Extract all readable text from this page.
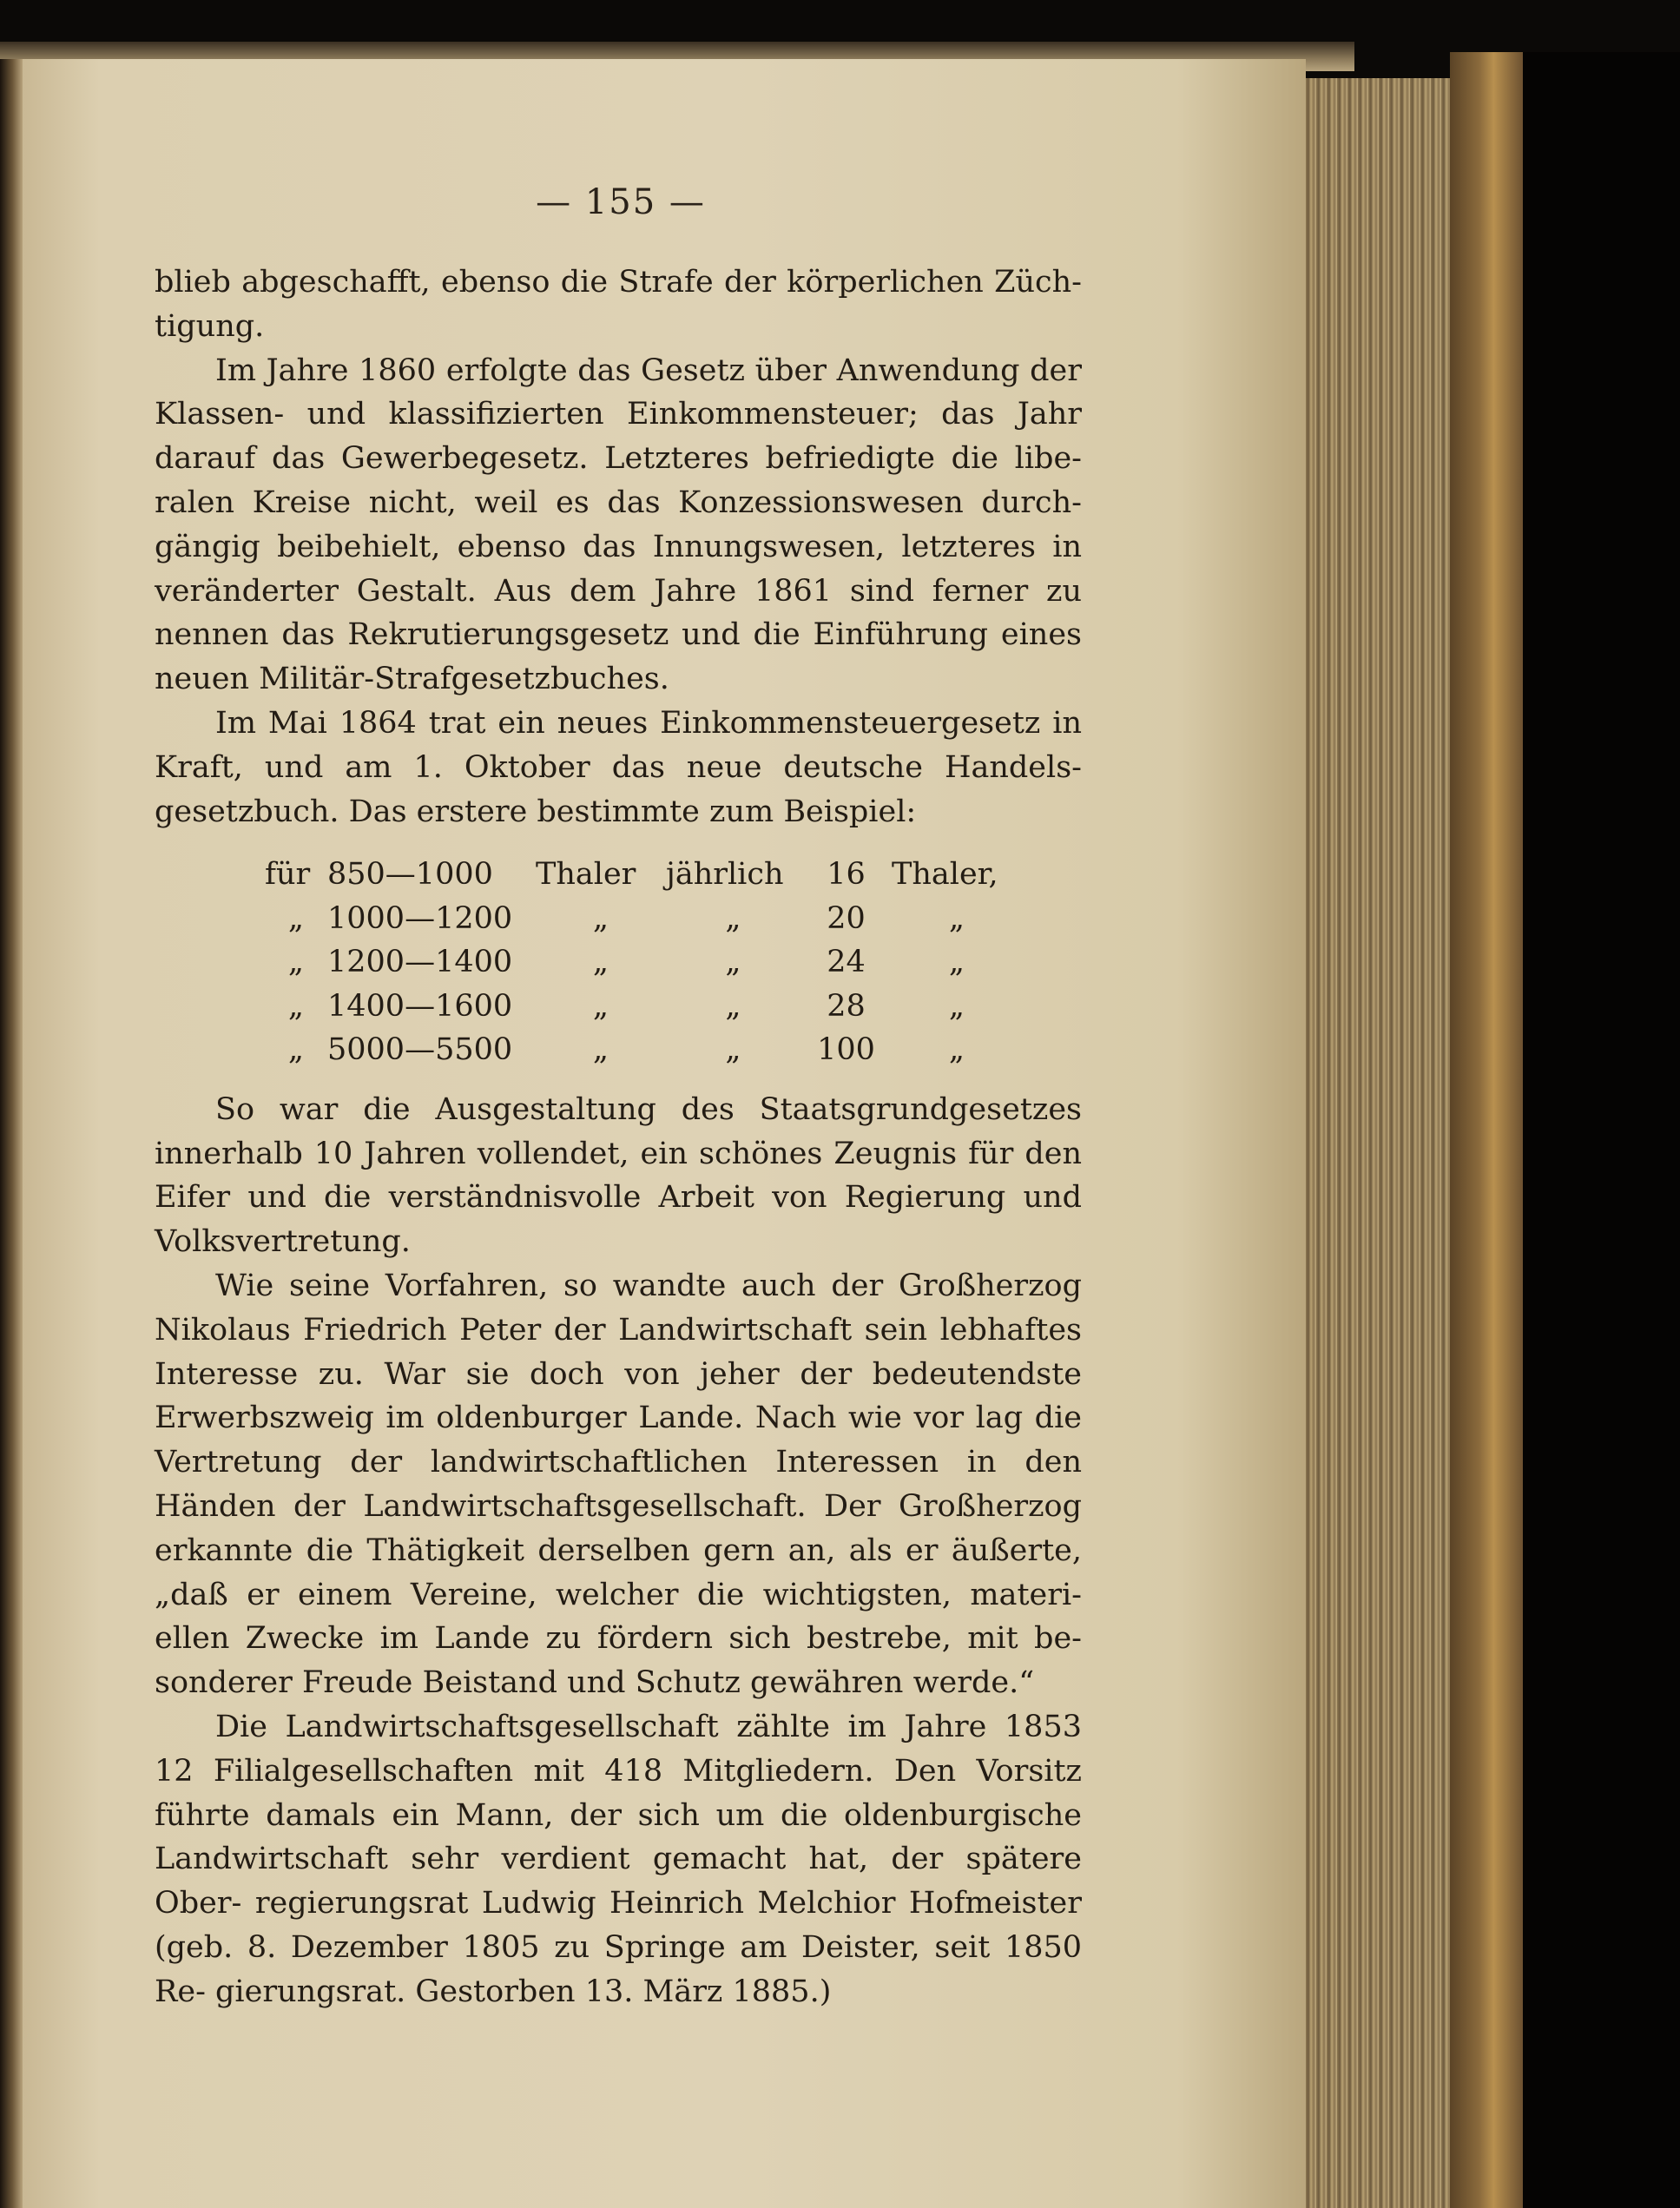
— 155 —

blieb abgeschafft, ebenso die Strafe der körperlichen Züch- tigung.

Im Jahre 1860 erfolgte das Gesetz über Anwendung der Klassen- und klassifizierten Einkommensteuer; das Jahr darauf das Gewerbegesetz. Letzteres befriedigte die libe- ralen Kreise nicht, weil es das Konzessionswesen durch- gängig beibehielt, ebenso das Innungswesen, letzteres in veränderter Gestalt. Aus dem Jahre 1861 sind ferner zu nennen das Rekrutierungsgesetz und die Einführung eines neuen Militär-Strafgesetzbuches.

Im Mai 1864 trat ein neues Einkommensteuergesetz in Kraft, und am 1. Oktober das neue deutsche Handels- gesetzbuch. Das erstere bestimmte zum Beispiel:

für	850—1000	Thaler	jährlich	16	Thaler,
„	1000—1200	„	„	20	„
„	1200—1400	„	„	24	„
„	1400—1600	„	„	28	„
„	5000—5500	„	„	100	„

So war die Ausgestaltung des Staatsgrundgesetzes innerhalb 10 Jahren vollendet, ein schönes Zeugnis für den Eifer und die verständnisvolle Arbeit von Regierung und Volksvertretung.

Wie seine Vorfahren, so wandte auch der Großherzog Nikolaus Friedrich Peter der Landwirtschaft sein lebhaftes Interesse zu. War sie doch von jeher der bedeutendste Erwerbszweig im oldenburger Lande. Nach wie vor lag die Vertretung der landwirtschaftlichen Interessen in den Händen der Landwirtschaftsgesellschaft. Der Großherzog erkannte die Thätigkeit derselben gern an, als er äußerte, „daß er einem Vereine, welcher die wichtigsten, materi- ellen Zwecke im Lande zu fördern sich bestrebe, mit be- sonderer Freude Beistand und Schutz gewähren werde.“

Die Landwirtschaftsgesellschaft zählte im Jahre 1853 12 Filialgesellschaften mit 418 Mitgliedern. Den Vorsitz führte damals ein Mann, der sich um die oldenburgische Landwirtschaft sehr verdient gemacht hat, der spätere Ober- regierungsrat Ludwig Heinrich Melchior Hofmeister (geb. 8. Dezember 1805 zu Springe am Deister, seit 1850 Re- gierungsrat. Gestorben 13. März 1885.)
